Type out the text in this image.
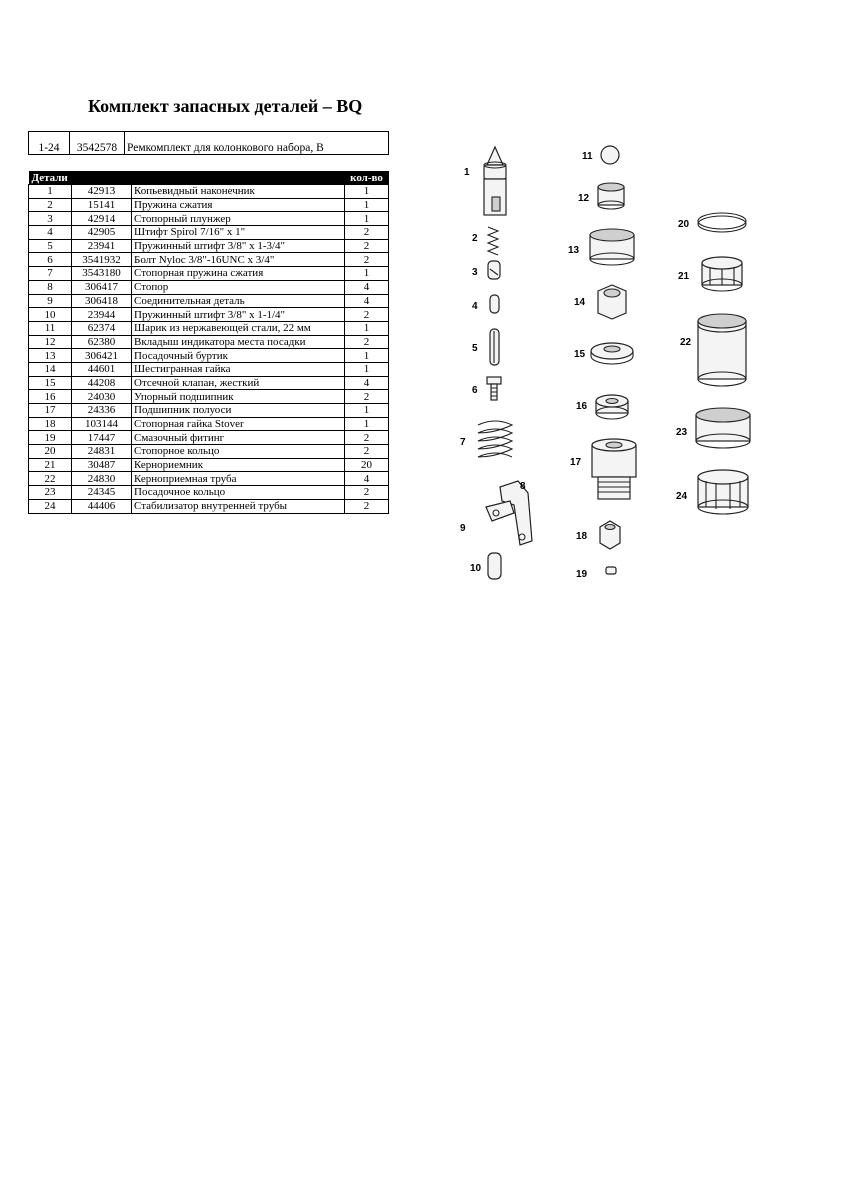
Комплект запасных деталей – BQ
1-24	3542578	Ремкомплект для колонкового набора, B
Детали			кол-во
1	42913	Копьевидный наконечник	1
2	15141	Пружина сжатия	1
3	42914	Стопорный плунжер	1
4	42905	Штифт Spirol 7/16" x 1"	2
5	23941	Пружинный штифт 3/8" x 1-3/4"	2
6	3541932	Болт Nyloc 3/8"-16UNC x 3/4"	2
7	3543180	Стопорная пружина сжатия	1
8	306417	Стопор	4
9	306418	Соединительная деталь	4
10	23944	Пружинный штифт 3/8" x 1-1/4"	2
11	62374	Шарик из нержавеющей стали, 22 мм	1
12	62380	Вкладыш индикатора места посадки	2
13	306421	Посадочный буртик	1
14	44601	Шестигранная гайка	1
15	44208	Отсечной клапан, жесткий	4
16	24030	Упорный подшипник	2
17	24336	Подшипник полуоси	1
18	103144	Стопорная гайка Stover	1
19	17447	Смазочный фитинг	2
20	24831	Стопорное кольцо	2
21	30487	Кернориемник	20
22	24830	Керноприемная труба	4
23	24345	Посадочное кольцо	2
24	44406	Стабилизатор внутренней трубы	2
1
2
3
4
5
6
7
8
9
10
11
12
13
14
15
16
17
18
19
20
21
22
23
24
